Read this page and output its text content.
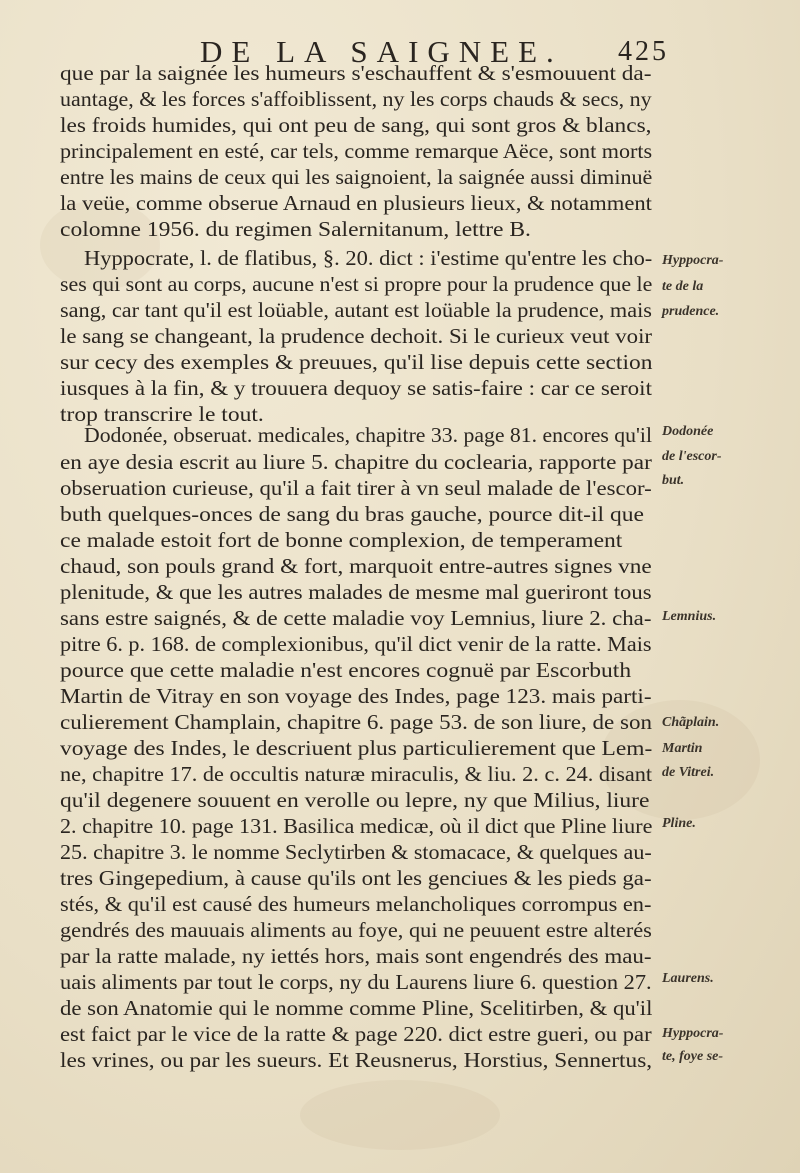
DE LA SAIGNEE. 425
que par la saignée les humeurs s'eschauffent & s'esmouuent da-
uantage, & les forces s'affoiblissent, ny les corps chauds & secs, ny
les froids humides, qui ont peu de sang, qui sont gros & blancs,
principalement en esté, car tels, comme remarque Aëce, sont morts
entre les mains de ceux qui les saignoient, la saignée aussi diminuë
la veüe, comme obserue Arnaud en plusieurs lieux, & notamment
colomne 1956. du regimen Salernitanum, lettre B.
Hyppocrate, l. de flatibus, §. 20. dict : i'estime qu'entre les cho-
ses qui sont au corps, aucune n'est si propre pour la prudence que le
sang, car tant qu'il est loüable, autant est loüable la prudence, mais
le sang se changeant, la prudence dechoit. Si le curieux veut voir
sur cecy des exemples & preuues, qu'il lise depuis cette section
iusques à la fin, & y trouuera dequoy se satis-faire : car ce seroit
trop transcrire le tout.
Dodonée, obseruat. medicales, chapitre 33. page 81. encores qu'il
en aye desia escrit au liure 5. chapitre du coclearia, rapporte par
obseruation curieuse, qu'il a fait tirer à vn seul malade de l'escor-
buth quelques-onces de sang du bras gauche, pource dit-il que
ce malade estoit fort de bonne complexion, de temperament
chaud, son pouls grand & fort, marquoit entre-autres signes vne
plenitude, & que les autres malades de mesme mal gueriront tous
sans estre saignés, & de cette maladie voy Lemnius, liure 2. cha-
pitre 6. p. 168. de complexionibus, qu'il dict venir de la ratte. Mais
pource que cette maladie n'est encores cognuë par Escorbuth
Martin de Vitray en son voyage des Indes, page 123. mais parti-
culierement Champlain, chapitre 6. page 53. de son liure, de son
voyage des Indes, le descriuent plus particulierement que Lem-
ne, chapitre 17. de occultis naturæ miraculis, & liu. 2. c. 24. disant
qu'il degenere souuent en verolle ou lepre, ny que Milius, liure
2. chapitre 10. page 131. Basilica medicæ, où il dict que Pline liure
25. chapitre 3. le nomme Seclytirben & stomacace, & quelques au-
tres Gingepedium, à cause qu'ils ont les genciues & les pieds ga-
stés, & qu'il est causé des humeurs melancholiques corrompus en-
gendrés des mauuais aliments au foye, qui ne peuuent estre alterés
par la ratte malade, ny iettés hors, mais sont engendrés des mau-
uais aliments par tout le corps, ny du Laurens liure 6. question 27.
de son Anatomie qui le nomme comme Pline, Scelitirben, & qu'il
est faict par le vice de la ratte & page 220. dict estre gueri, ou par
les vrines, ou par les sueurs. Et Reusnerus, Horstius, Sennertus,
Hyppocra-
te de la
prudence.
Dodonée
de l'escor-
but.
Lemnius.
Chãplain.
Martin
de Vitrei.
Pline.
Laurens.
Hyppocra-
te, foye se-
